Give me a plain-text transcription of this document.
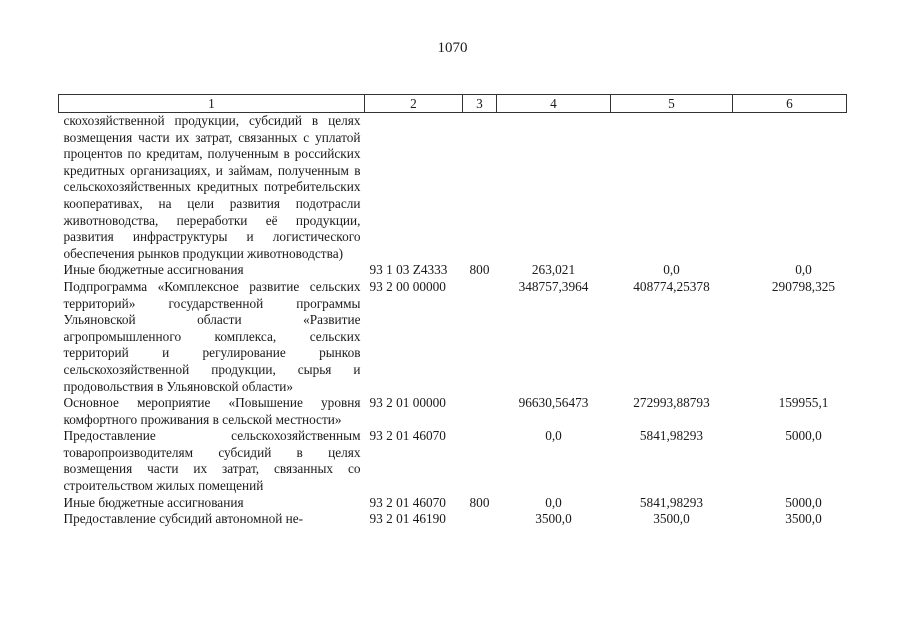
1070
1	2	3	4	5	6
скохозяйственной продукции, субсидий в целях возмещения части их затрат, связанных с уплатой процентов по кредитам, полученным в российских кредитных организациях, и займам, полученным в сельскохозяйственных кредитных потребительских кооперативах, на цели развития подотрасли животноводства, переработки её продукции, развития инфраструктуры и логистического обеспечения рынков продукции животноводства)					
Иные бюджетные ассигнования	93 1 03 Z4333	800	263,021	0,0	0,0
Подпрограмма «Комплексное развитие сельских территорий» государственной программы Ульяновской области «Развитие агропромышленного комплекса, сельских территорий и регулирование рынков сельскохозяйственной продукции, сырья и продовольствия в Ульяновской области»	93 2 00 00000		348757,3964	408774,25378	290798,325
Основное мероприятие «Повышение уровня комфортного проживания в сельской местности»	93 2 01 00000		96630,56473	272993,88793	159955,1
Предоставление сельскохозяйственным товаропроизводителям субсидий в целях возмещения части их затрат, связанных со строительством жилых помещений	93 2 01 46070		0,0	5841,98293	5000,0
Иные бюджетные ассигнования	93 2 01 46070	800	0,0	5841,98293	5000,0
Предоставление субсидий автономной не-	93 2 01 46190		3500,0	3500,0	3500,0
